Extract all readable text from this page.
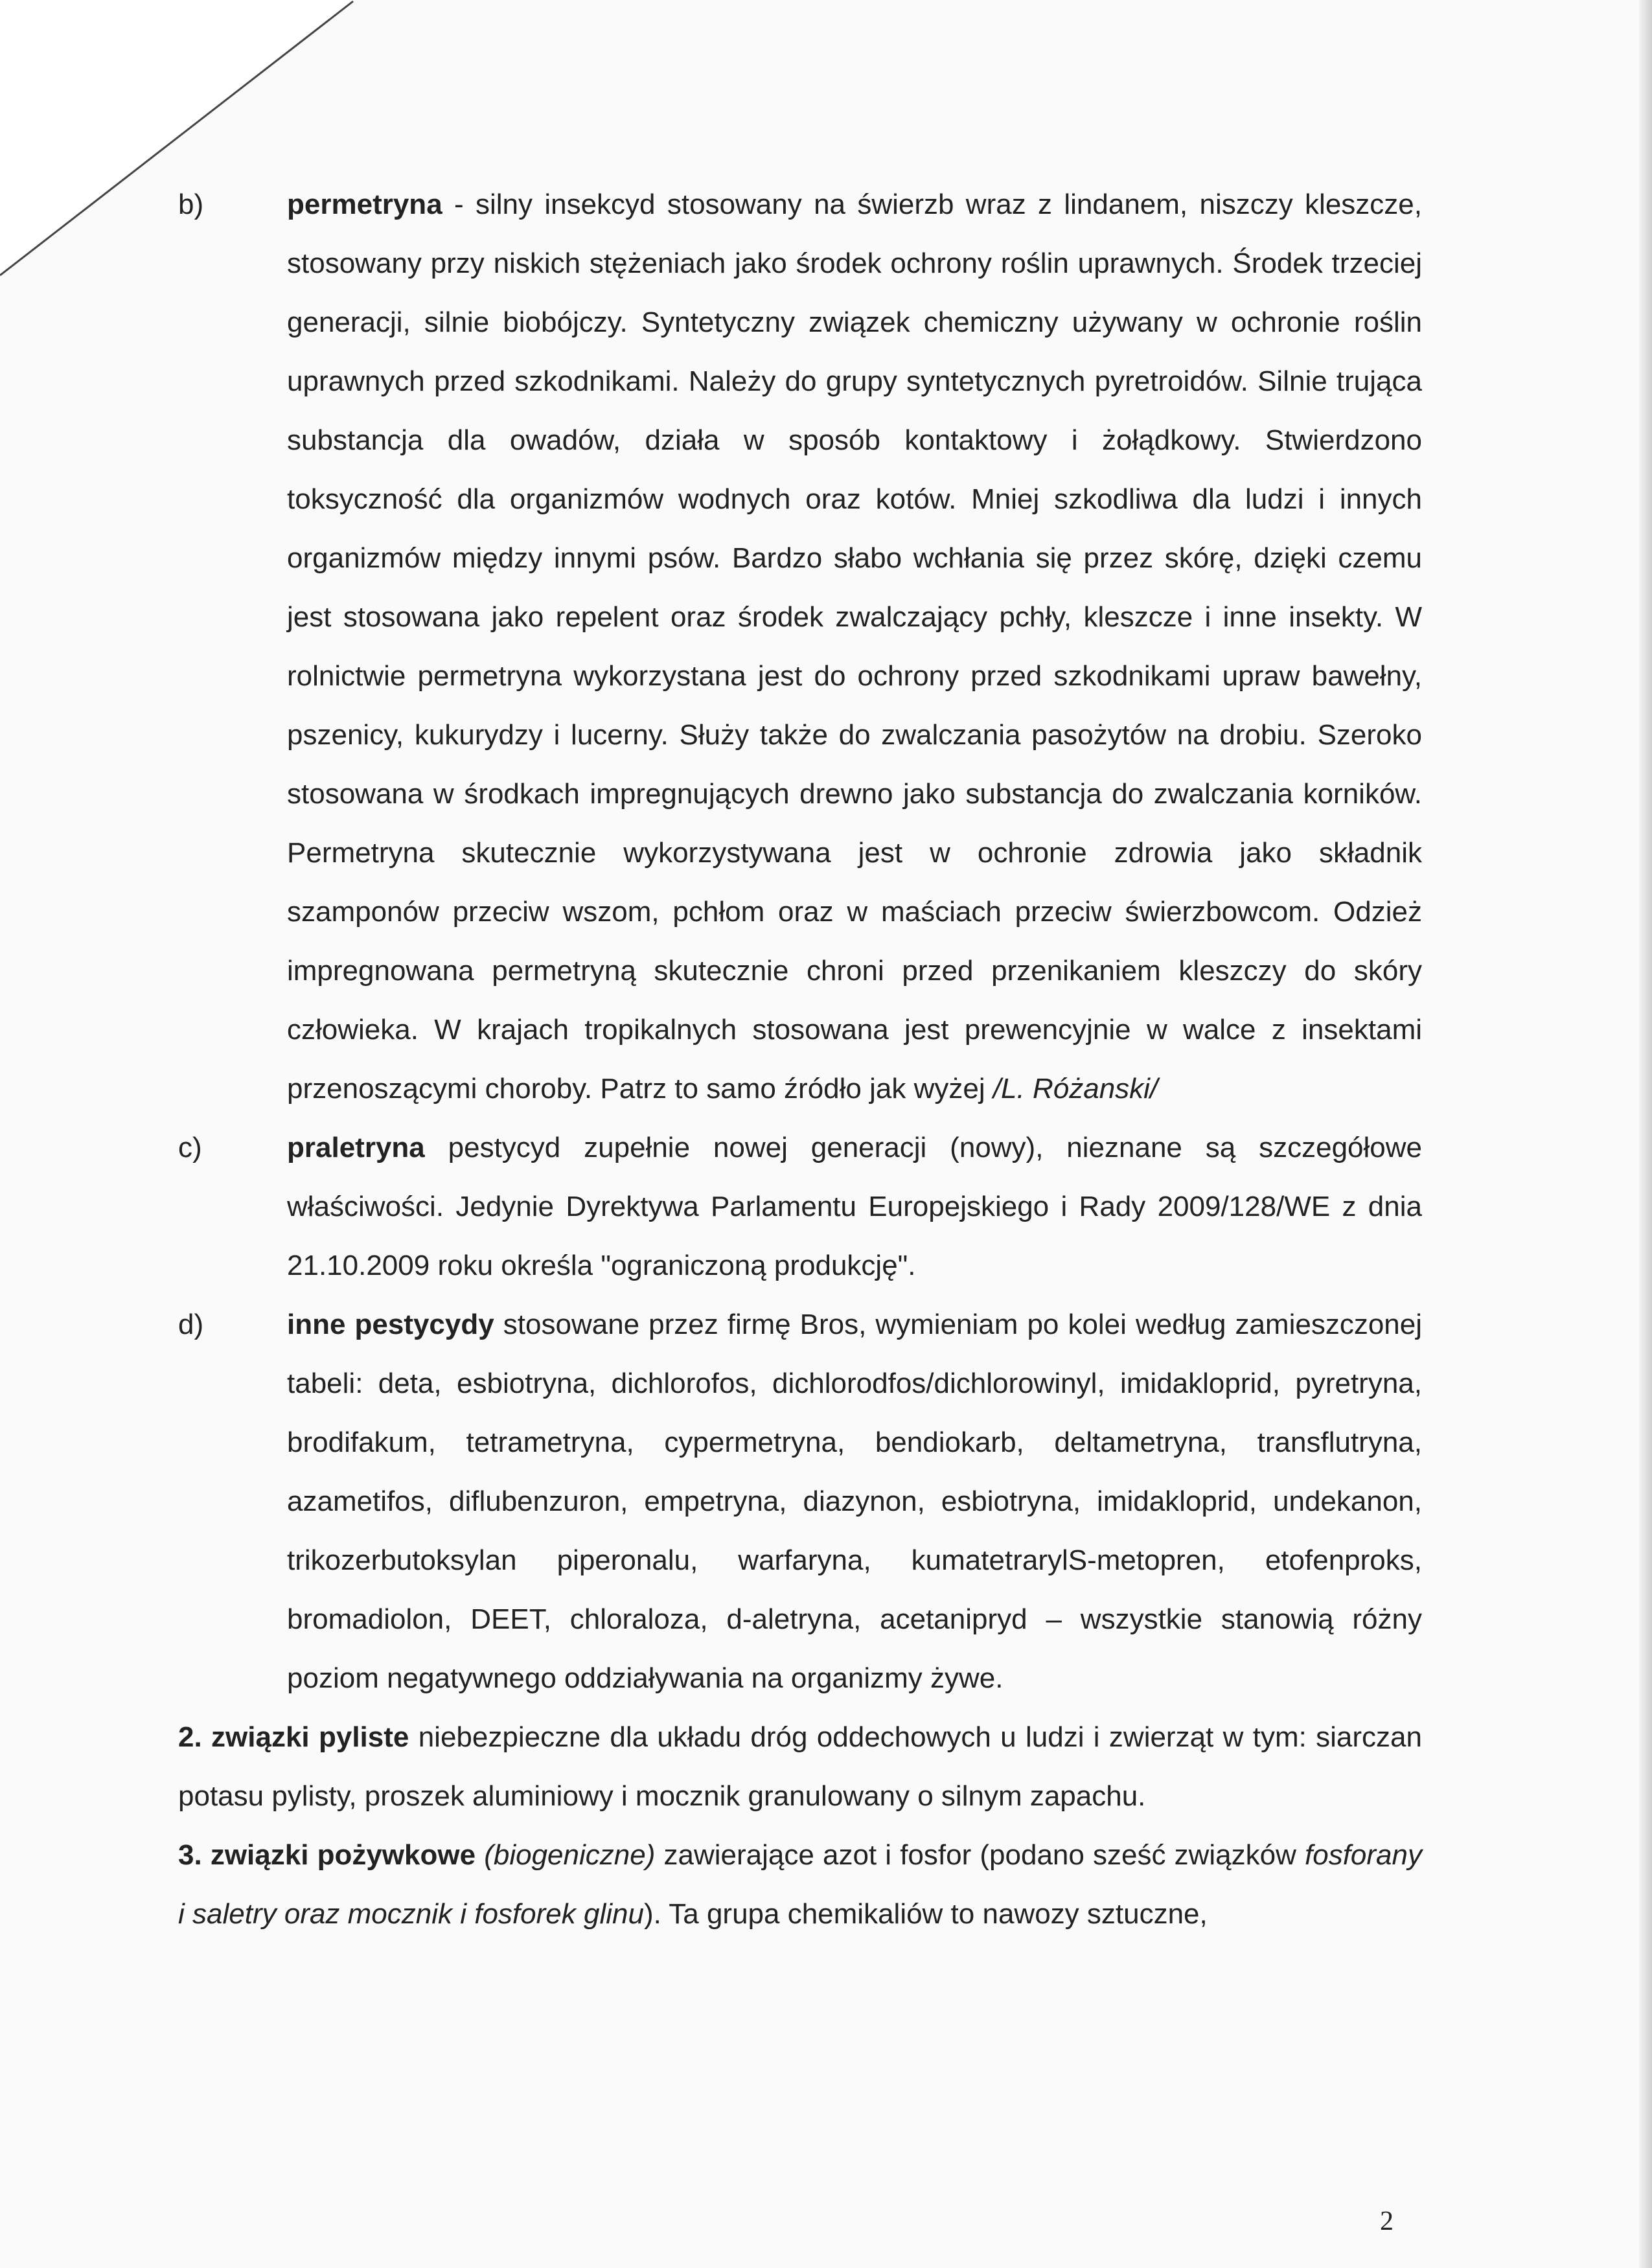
b)	permetryna - silny insekcyd stosowany na świerzb wraz z lindanem, niszczy kleszcze, stosowany przy niskich stężeniach jako środek ochrony roślin uprawnych. Środek trzeciej generacji, silnie biobójczy. Syntetyczny związek chemiczny używany w ochronie roślin uprawnych przed szkodnikami. Należy do grupy syntetycznych pyretroidów. Silnie trująca substancja dla owadów, działa w sposób kontaktowy i żołądkowy. Stwierdzono toksyczność dla organizmów wodnych oraz kotów. Mniej szkodliwa dla ludzi i innych organizmów między innymi psów. Bardzo słabo wchłania się przez skórę, dzięki czemu jest stosowana jako repelent oraz środek zwalczający pchły, kleszcze i inne insekty. W rolnictwie permetryna wykorzystana jest do ochrony przed szkodnikami upraw bawełny, pszenicy, kukurydzy i lucerny. Służy także do zwalczania pasożytów na drobiu. Szeroko stosowana w środkach impregnujących drewno jako substancja do zwalczania korników. Permetryna skutecznie wykorzystywana jest w ochronie zdrowia jako składnik szamponów przeciw wszom, pchłom oraz w maściach przeciw świerzbowcom. Odzież impregnowana permetryną skutecznie chroni przed przenikaniem kleszczy do skóry człowieka. W krajach tropikalnych stosowana jest prewencyjnie w walce z insektami przenoszącymi choroby. Patrz to samo źródło jak wyżej /L. Różanski/
c)	praletryna pestycyd zupełnie nowej generacji (nowy), nieznane są szczegółowe właściwości. Jedynie Dyrektywa Parlamentu Europejskiego i Rady 2009/128/WE z dnia 21.10.2009 roku określa "ograniczoną produkcję".
d)	inne pestycydy stosowane przez firmę Bros, wymieniam po kolei według zamieszczonej tabeli: deta, esbiotryna, dichlorofos, dichlorodfos/dichlorowinyl, imidakloprid, pyretryna, brodifakum, tetrametryna, cypermetryna, bendiokarb, deltametryna, transflutryna, azametifos, diflubenzuron, empetryna, diazynon, esbiotryna, imidakloprid, undekanon, trikozerbutoksylan piperonalu, warfaryna, kumatetrarylS-metopren, etofenproks, bromadiolon, DEET, chloraloza, d-aletryna, acetanipryd – wszystkie stanowią różny poziom negatywnego oddziaływania na organizmy żywe.
2. związki pyliste niebezpieczne dla układu dróg oddechowych u ludzi i zwierząt w tym: siarczan potasu pylisty, proszek aluminiowy i mocznik granulowany o silnym zapachu.
3. związki pożywkowe (biogeniczne) zawierające azot i fosfor (podano sześć związków fosforany i saletry oraz mocznik i fosforek glinu). Ta grupa chemikaliów to nawozy sztuczne,
2
